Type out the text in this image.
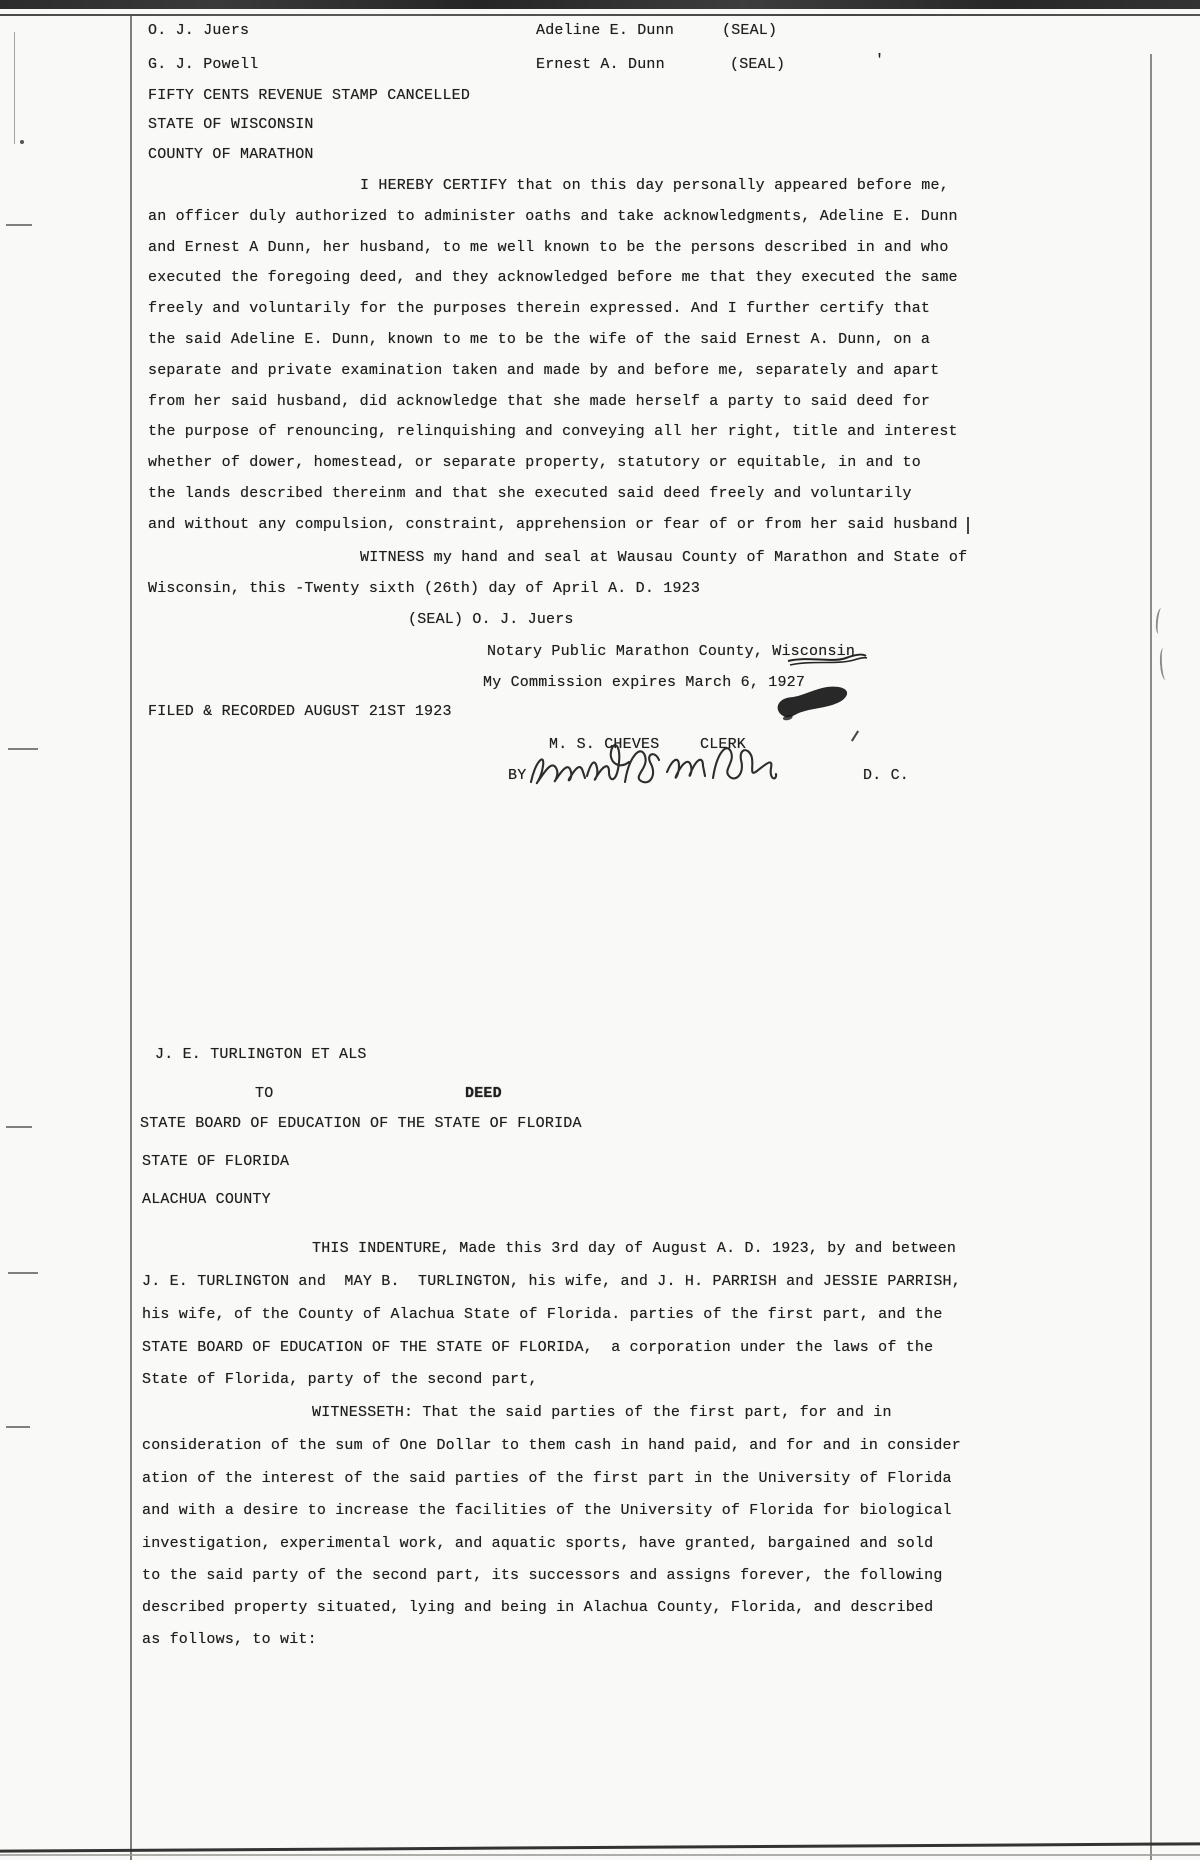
O. J. Juers	Adeline E. Dunn	(SEAL)
G. J. Powell	Ernest A. Dunn	(SEAL)	'
FIFTY CENTS REVENUE STAMP CANCELLED
STATE OF WISCONSIN
COUNTY OF MARATHON
I HEREBY CERTIFY that on this day personally appeared before me,
an officer duly authorized to administer oaths and take acknowledgments, Adeline E. Dunn
and Ernest A Dunn, her husband, to me well known to be the persons described in and who
executed the foregoing deed, and they acknowledged before me that they executed the same
freely and voluntarily for the purposes therein expressed. And I further certify that
the said Adeline E. Dunn, known to me to be the wife of the said Ernest A. Dunn, on a
separate and private examination taken and made by and before me, separately and apart
from her said husband, did acknowledge that she made herself a party to said deed for
the purpose of renouncing, relinquishing and conveying all her right, title and interest
whether of dower, homestead, or separate property, statutory or equitable, in and to
the lands described thereinm and that she executed said deed freely and voluntarily
and without any compulsion, constraint, apprehension or fear of or from her said husband
WITNESS my hand and seal at Wausau County of Marathon and State of
Wisconsin, this -Twenty sixth (26th) day of April A. D. 1923
(SEAL) O. J. Juers
Notary Public Marathon County, Wisconsin
My Commission expires March 6, 1927
FILED & RECORDED AUGUST 21ST 1923
M. S. CHEVES	CLERK
BY	D. C.
J. E. TURLINGTON ET ALS
TO	DEED
STATE BOARD OF EDUCATION OF THE STATE OF FLORIDA
STATE OF FLORIDA
ALACHUA COUNTY
THIS INDENTURE, Made this 3rd day of August A. D. 1923, by and between
J. E. TURLINGTON and  MAY B.  TURLINGTON, his wife, and J. H. PARRISH and JESSIE PARRISH,
his wife, of the County of Alachua State of Florida. parties of the first part, and the
STATE BOARD OF EDUCATION OF THE STATE OF FLORIDA,  a corporation under the laws of the
State of Florida, party of the second part,
WITNESSETH: That the said parties of the first part, for and in
consideration of the sum of One Dollar to them cash in hand paid, and for and in consider
ation of the interest of the said parties of the first part in the University of Florida
and with a desire to increase the facilities of the University of Florida for biological
investigation, experimental work, and aquatic sports, have granted, bargained and sold
to the said party of the second part, its successors and assigns forever, the following
described property situated, lying and being in Alachua County, Florida, and described
as follows, to wit:
